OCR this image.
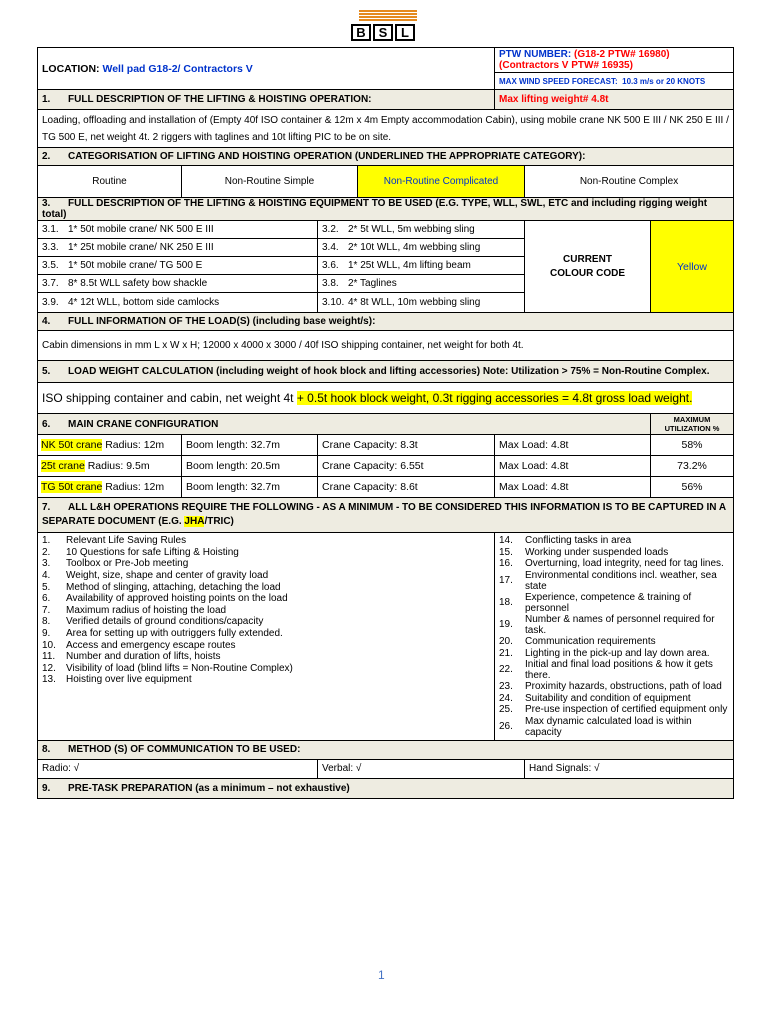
B S	L
LOCATION: Well pad G18-2/ Contractors V	PTW NUMBER: (G18-2 PTW# 16980) (Contractors V PTW# 16935)
MAX WIND SPEED FORECAST: 10.3 m/s or 20 KNOTS
1. FULL DESCRIPTION OF THE LIFTING & HOISTING OPERATION:	Max lifting weight# 4.8t
Loading, offloading and installation of (Empty 40f ISO container & 12m x 4m Empty accommodation Cabin), using mobile crane NK 500 E III / NK 250 E III / TG 500 E, net weight 4t. 2 riggers with taglines and 10t lifting PIC to be on site.
2. CATEGORISATION OF LIFTING AND HOISTING OPERATION (UNDERLINED THE APPROPRIATE CATEGORY):
Routine	Non-Routine Simple	Non-Routine Complicated	Non-Routine Complex
3. FULL DESCRIPTION OF THE LIFTING & HOISTING EQUIPMENT TO BE USED (E.G. TYPE, WLL, SWL, ETC and including rigging weight total)
3.1. 1* 50t mobile crane/ NK 500 E III	3.2. 2* 5t WLL, 5m webbing sling	
CURRENT
COLOUR CODE
	Yellow
3.3. 1* 25t mobile crane/ NK 250 E III	3.4. 2* 10t WLL, 4m webbing sling
3.5. 1* 50t mobile crane/ TG 500 E	3.6. 1* 25t WLL, 4m lifting beam
3.7. 8* 8.5t WLL safety bow shackle	3.8. 2* Taglines
3.9. 4* 12t WLL, bottom side camlocks	3.10. 4* 8t WLL, 10m webbing sling
4. FULL INFORMATION OF THE LOAD(S) (including base weight/s):
Cabin dimensions in mm L x W x H; 12000 x 4000 x 3000 / 40f ISO shipping container, net weight for both 4t.
5. LOAD WEIGHT CALCULATION (including weight of hook block and lifting accessories) Note: Utilization > 75% = Non-Routine Complex.
ISO shipping container and cabin, net weight 4t + 0.5t hook block weight, 0.3t rigging accessories = 4.8t gross load weight.
6. MAIN CRANE CONFIGURATION	MAXIMUM UTILIZATION %
NK 50t crane Radius: 12m	Boom length: 32.7m	Crane Capacity: 8.3t	Max Load: 4.8t	58%
25t crane Radius: 9.5m	Boom length: 20.5m	Crane Capacity: 6.55t	Max Load: 4.8t	73.2%
TG 50t crane Radius: 12m	Boom length: 32.7m	Crane Capacity: 8.6t	Max Load: 4.8t	56%
7. ALL L&H OPERATIONS REQUIRE THE FOLLOWING - AS A MINIMUM - TO BE CONSIDERED THIS INFORMATION IS TO BE CAPTURED IN A SEPARATE DOCUMENT (E.G. JHA/TRIC)

1.	Relevant Life Saving Rules
2.	10 Questions for safe Lifting & Hoisting
3.	Toolbox or Pre-Job meeting
4.	Weight, size, shape and center of gravity load
5.	Method of slinging, attaching, detaching the load
6.	Availability of approved hoisting points on the load
7.	Maximum radius of hoisting the load
8.	Verified details of ground conditions/capacity
9.	Area for setting up with outriggers fully extended.
10.	Access and emergency escape routes
11.	Number and duration of lifts, hoists
12.	Visibility of load (blind lifts = Non-Routine Complex)
13.	Hoisting over live equipment

14.	Conflicting tasks in area
15.	Working under suspended loads
16.	Overturning, load integrity, need for tag lines.
17.	Environmental conditions incl. weather, sea state
18.	Experience, competence & training of personnel
19.	Number & names of personnel required for task.
20.	Communication requirements
21.	Lighting in the pick-up and lay down area.
22.	Initial and final load positions & how it gets there.
23.	Proximity hazards, obstructions, path of load
24.	Suitability and condition of equipment
25.	Pre-use inspection of certified equipment only
26.	Max dynamic calculated load is within capacity

8. METHOD (S) OF COMMUNICATION TO BE USED:
Radio: √	Verbal: √	Hand Signals: √
9. PRE-TASK PREPARATION (as a minimum – not exhaustive)
1
